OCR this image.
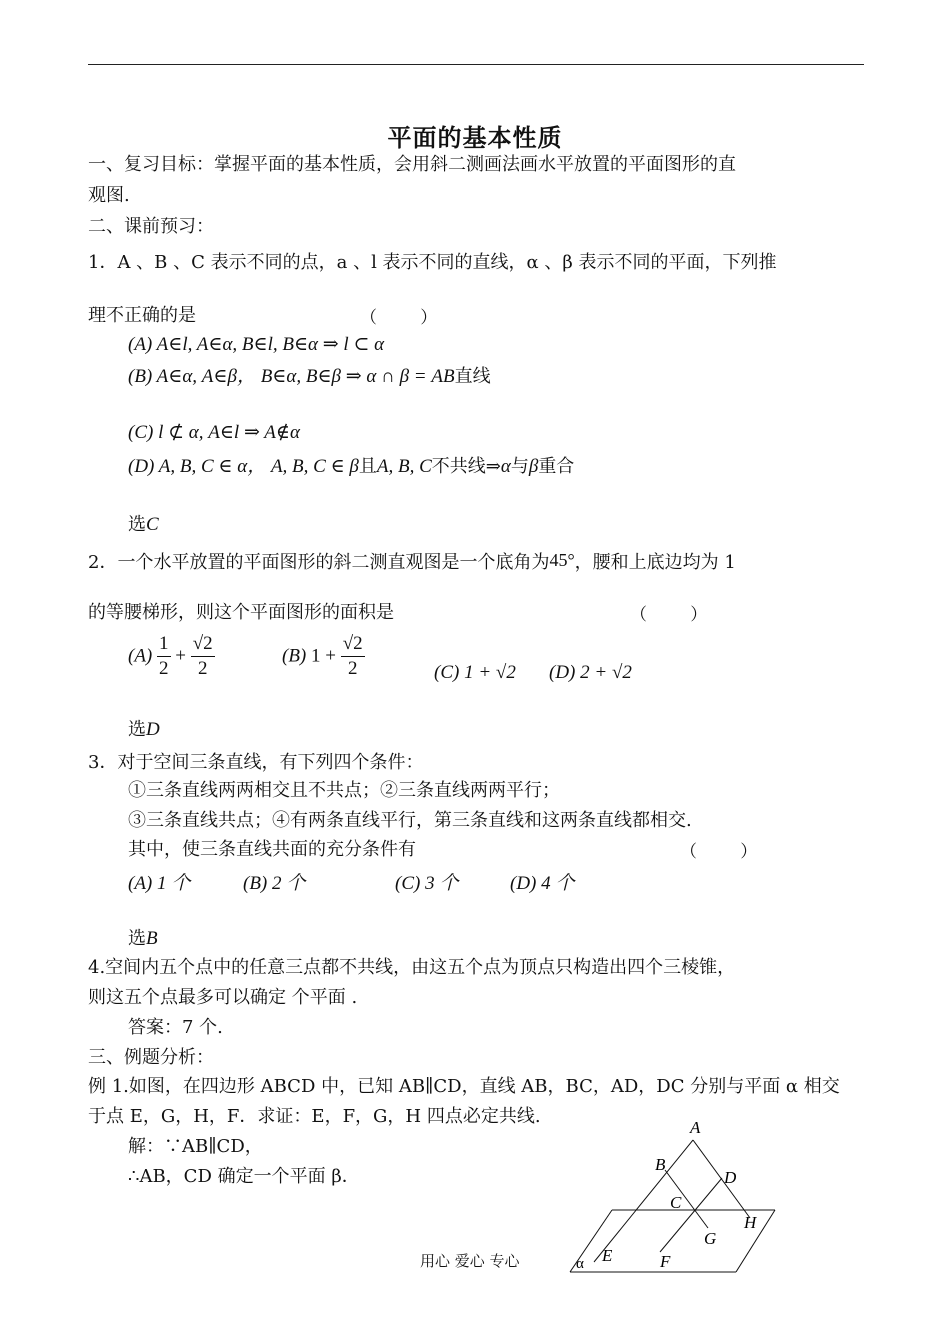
平面的基本性质
一、复习目标：掌握平面的基本性质，会用斜二测画法画水平放置的平面图形的直
观图.
二、课前预习：
1．A 、B 、C 表示不同的点，a 、l 表示不同的直线，α 、β 表示不同的平面，下列推
理不正确的是	（        ）
(A) A∈l, A∈α, B∈l, B∈α ⇒ l ⊂ α
(B) A∈α, A∈β， B∈α, B∈β ⇒ α ∩ β = AB直线
(C) l ⊄ α, A∈l ⇒ A∉α
(D) A, B, C ∈ α， A, B, C ∈ β且A, B, C不共线⇒α与β重合
选C
2．一个水平放置的平面图形的斜二测直观图是一个底角为45°，腰和上底边均为 1
的等腰梯形，则这个平面图形的面积是	（        ）
$(A) \frac{1}{2} + \frac{√2}{2}$	(B) $1 + \frac{√2}{2}$	(C) 1 + √2 (D) 2 + √2
选D
3．对于空间三条直线，有下列四个条件：
①三条直线两两相交且不共点；②三条直线两两平行；
③三条直线共点；④有两条直线平行，第三条直线和这两条直线都相交.
其中，使三条直线共面的充分条件有	（        ）
(A) 1 个	(B) 2 个	(C) 3 个	(D) 4 个
选B
4.空间内五个点中的任意三点都不共线，由这五个点为顶点只构造出四个三棱锥，
则这五个点最多可以确定 个平面 .
答案：7 个.
三、例题分析：
例 1.如图，在四边形 ABCD 中，已知 AB∥CD，直线 AB，BC，AD，DC 分别与平面 α 相交
于点 E，G，H，F．求证：E，F，G，H 四点必定共线.
解：∵AB∥CD，
∴AB，CD 确定一个平面 β．
A
B
D
C
H
G
E	F
α
用心 爱心 专心
